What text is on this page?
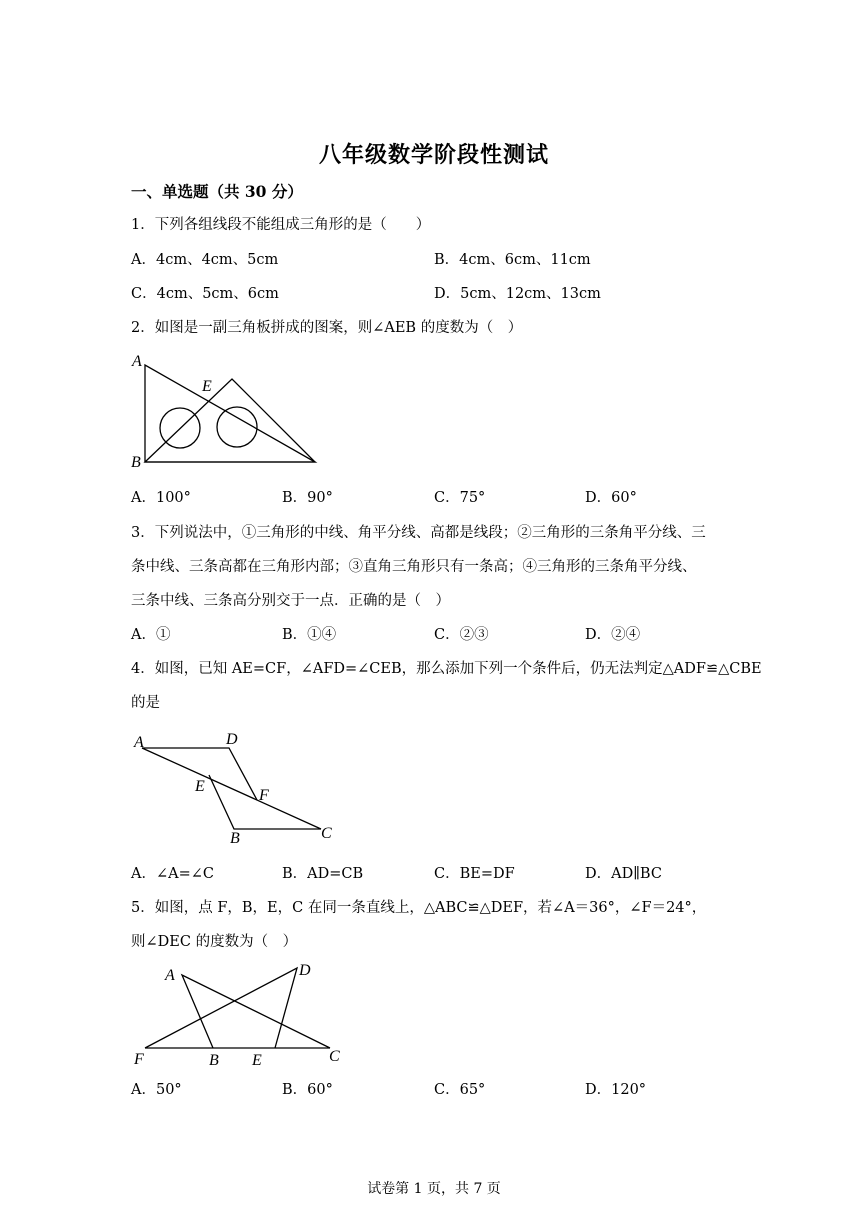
八年级数学阶段性测试
一、单选题（共 30 分）
1．下列各组线段不能组成三角形的是（　　）
A．4cm、4cm、5cm	B．4cm、6cm、11cm
C．4cm、5cm、6cm	D．5cm、12cm、13cm
2．如图是一副三角板拼成的图案，则∠AEB 的度数为（　）
A
E
B
A．100°	B．90°	C．75°	D．60°
3．下列说法中，①三角形的中线、角平分线、高都是线段；②三角形的三条角平分线、三
条中线、三条高都在三角形内部；③直角三角形只有一条高；④三角形的三条角平分线、
三条中线、三条高分别交于一点．正确的是（　）
A．①	B．①④	C．②③	D．②④
4．如图，已知 AE=CF，∠AFD=∠CEB，那么添加下列一个条件后，仍无法判定△ADF≌△CBE
的是
A	D
E
F
B	C
A．∠A=∠C	B．AD=CB	C．BE=DF	D．AD∥BC
5．如图，点 F，B，E，C 在同一条直线上，△ABC≌△DEF，若∠A＝36°，∠F＝24°，
则∠DEC 的度数为（　）
A	D
F	B E	C
A．50°	B．60°	C．65°	D．120°
试卷第 1 页，共 7 页
